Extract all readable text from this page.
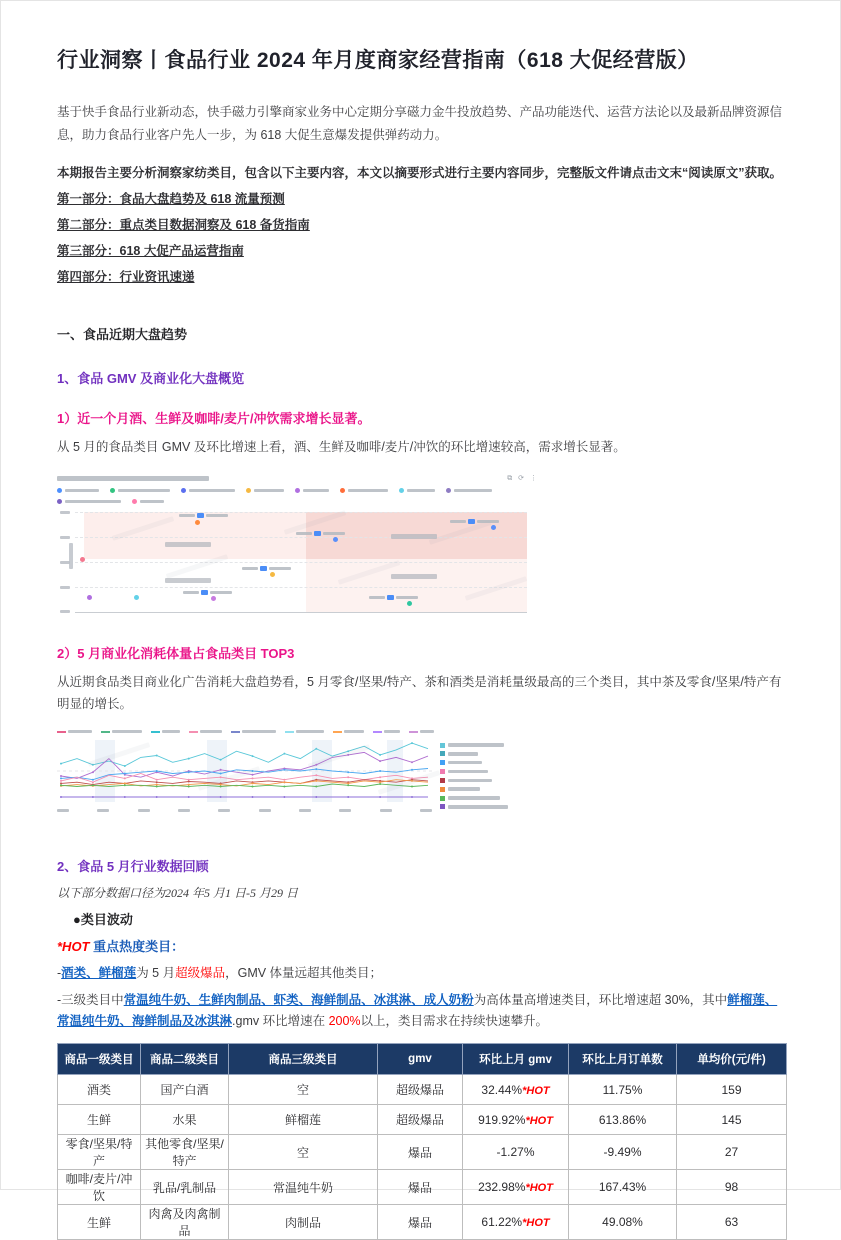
行业洞察丨食品行业 2024 年月度商家经营指南（618 大促经营版）

基于快手食品行业新动态，快手磁力引擎商家业务中心定期分享磁力金牛投放趋势、产品功能迭代、运营方法论以及最新品牌资源信息，助力食品行业客户先人一步，为 618 大促生意爆发提供弹药动力。

本期报告主要分析洞察家纺类目，包含以下主要内容，本文以摘要形式进行主要内容同步，完整版文件请点击文末“阅读原文”获取。

第一部分：食品大盘趋势及 618 流量预测

第二部分：重点类目数据洞察及 618 备货指南

第三部分：618 大促产品运营指南

第四部分：行业资讯速递

一、食品近期大盘趋势
1、食品 GMV 及商业化大盘概览
1）近一个月酒、生鲜及咖啡/麦片/冲饮需求增长显著。

从 5 月的食品类目 GMV 及环比增速上看，酒、生鲜及咖啡/麦片/冲饮的环比增速较高，需求增长显著。

⧉ ⟳ ⋮
2）5 月商业化消耗体量占食品类目 TOP3

从近期食品类目商业化广告消耗大盘趋势看，5 月零食/坚果/特产、茶和酒类是消耗量级最高的三个类目，其中茶及零食/坚果/特产有明显的增长。

2、食品 5 月行业数据回顾

以下部分数据口径为2024 年5 月1 日-5 月29 日

●类目波动

*HOT 重点热度类目：

-酒类、鲜榴莲为 5 月超级爆品，GMV 体量远超其他类目；

-三级类目中常温纯牛奶、生鲜肉制品、虾类、海鲜制品、冰淇淋、成人奶粉为高体量高增速类目，环比增速超 30%，其中鲜榴莲、常温纯牛奶、海鲜制品及冰淇淋.gmv 环比增速在 200%以上，类目需求在持续快速攀升。

商品一级类目	商品二级类目	商品三级类目	gmv	环比上月 gmv	环比上月订单数	单均价(元/件)
酒类	国产白酒	空	超级爆品	32.44%*HOT	11.75%	159
生鲜	水果	鲜榴莲	超级爆品	919.92%*HOT	613.86%	145
零食/坚果/特产	其他零食/坚果/特产	空	爆品	-1.27%	-9.49%	27
咖啡/麦片/冲饮	乳品/乳制品	常温纯牛奶	爆品	232.98%*HOT	167.43%	98
生鲜	肉禽及肉禽制品	肉制品	爆品	61.22%*HOT	49.08%	63
